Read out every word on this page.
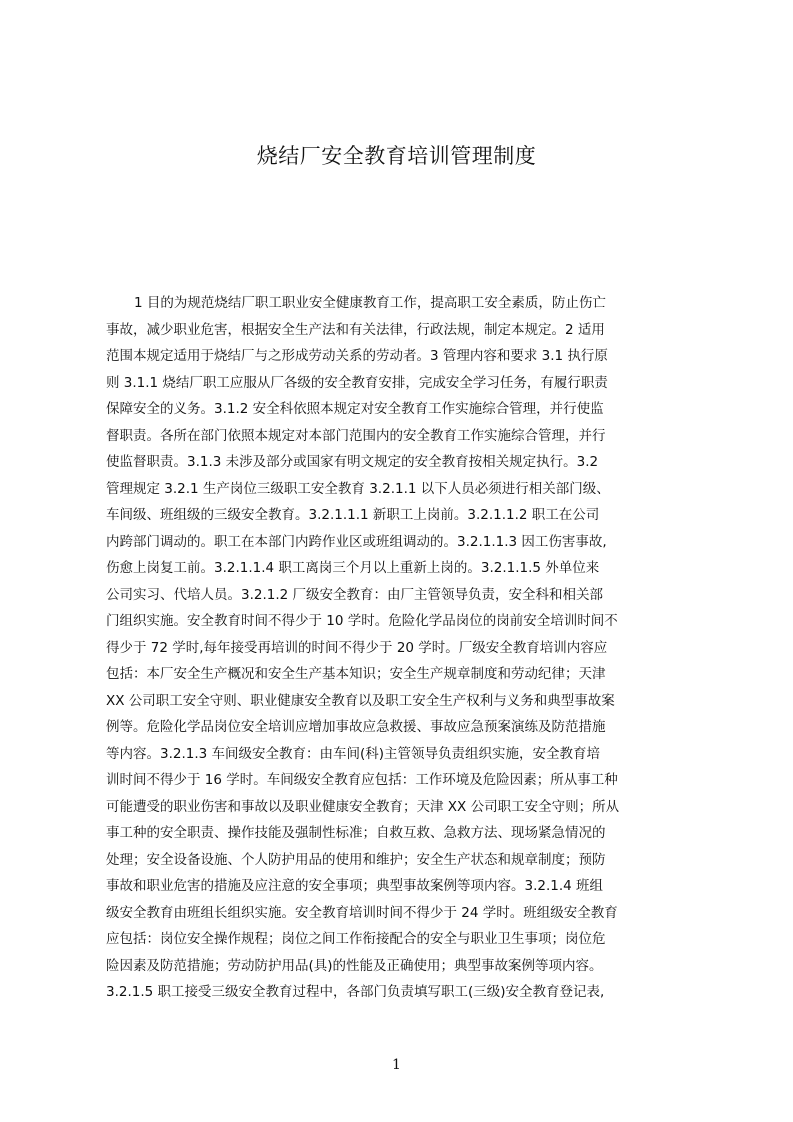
烧结厂安全教育培训管理制度
1 目的为规范烧结厂职工职业安全健康教育工作，提高职工安全素质，防止伤亡
事故，减少职业危害，根据安全生产法和有关法律，行政法规，制定本规定。2 适用
范围本规定适用于烧结厂与之形成劳动关系的劳动者。3 管理内容和要求 3.1 执行原
则 3.1.1 烧结厂职工应服从厂各级的安全教育安排，完成安全学习任务，有履行职责
保障安全的义务。3.1.2 安全科依照本规定对安全教育工作实施综合管理，并行使监
督职责。各所在部门依照本规定对本部门范围内的安全教育工作实施综合管理，并行
使监督职责。3.1.3 未涉及部分或国家有明文规定的安全教育按相关规定执行。3.2
管理规定 3.2.1 生产岗位三级职工安全教育 3.2.1.1 以下人员必须进行相关部门级、
车间级、班组级的三级安全教育。3.2.1.1.1 新职工上岗前。3.2.1.1.2 职工在公司
内跨部门调动的。职工在本部门内跨作业区或班组调动的。3.2.1.1.3 因工伤害事故,
伤愈上岗复工前。3.2.1.1.4 职工离岗三个月以上重新上岗的。3.2.1.1.5 外单位来
公司实习、代培人员。3.2.1.2 厂级安全教育：由厂主管领导负责，安全科和相关部
门组织实施。安全教育时间不得少于 10 学时。危险化学品岗位的岗前安全培训时间不
得少于 72 学时,每年接受再培训的时间不得少于 20 学时。厂级安全教育培训内容应
包括：本厂安全生产概况和安全生产基本知识；安全生产规章制度和劳动纪律；天津
XX 公司职工安全守则、职业健康安全教育以及职工安全生产权利与义务和典型事故案
例等。危险化学品岗位安全培训应增加事故应急救援、事故应急预案演练及防范措施
等内容。3.2.1.3 车间级安全教育：由车间(科)主管领导负责组织实施，安全教育培
训时间不得少于 16 学时。车间级安全教育应包括：工作环境及危险因素；所从事工种
可能遭受的职业伤害和事故以及职业健康安全教育；天津 XX 公司职工安全守则；所从
事工种的安全职责、操作技能及强制性标准；自救互救、急救方法、现场紧急情况的
处理；安全设备设施、个人防护用品的使用和维护；安全生产状态和规章制度；预防
事故和职业危害的措施及应注意的安全事项；典型事故案例等项内容。3.2.1.4 班组
级安全教育由班组长组织实施。安全教育培训时间不得少于 24 学时。班组级安全教育
应包括：岗位安全操作规程；岗位之间工作衔接配合的安全与职业卫生事项；岗位危
险因素及防范措施；劳动防护用品(具)的性能及正确使用；典型事故案例等项内容。
3.2.1.5 职工接受三级安全教育过程中，各部门负责填写职工(三级)安全教育登记表,
1
